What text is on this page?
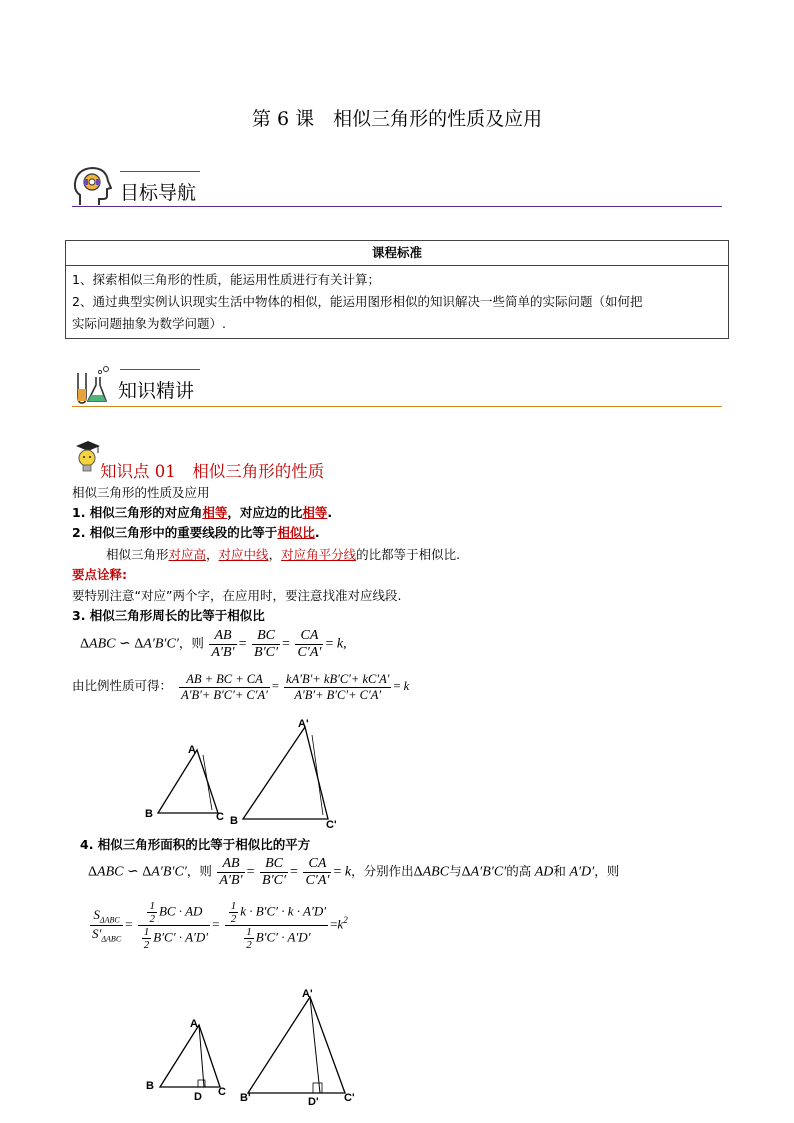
第 6 课　相似三角形的性质及应用
目标导航
课程标准

1、探索相似三角形的性质，能运用性质进行有关计算；
2、通过典型实例认识现实生活中物体的相似，能运用图形相似的知识解决一些简单的实际问题（如何把
实际问题抽象为数学问题）.
知识精讲
知识点 01　相似三角形的性质
相似三角形的性质及应用
1. 相似三角形的对应角相等，对应边的比相等.
2. 相似三角形中的重要线段的比等于相似比.
相似三角形对应高，对应中线，对应角平分线的比都等于相似比.
要点诠释:
要特别注意“对应”两个字，在应用时，要注意找准对应线段.
3. 相似三角形周长的比等于相似比
ΔABC ∽ ΔA′B′C′，则 $\frac{AB}{A'B'} = \frac{BC}{B'C'} = \frac{CA}{C'A'} = k$,
由比例性质可得： $\frac{AB + BC + CA}{A'B'+ B'C'+ C'A'} = \frac{kA'B'+ kB'C'+ kC'A'}{A'B'+ B'C'+ C'A'} = k$
A
B	C
A'
B	C'
4. 相似三角形面积的比等于相似比的平方
ΔABC ∽ ΔA′B′C′，则 $\frac{AB}{A'B'} = \frac{BC}{B'C'} = \frac{CA}{C'A'} = k$，分别作出ΔABC与ΔA′B′C′的高 AD和 A′D′，则
$\frac{S_{\Delta ABC}}{S'_{\Delta ABC}} = \frac{\frac{1}{2} BC \cdot AD}{\frac{1}{2} B'C' \cdot A'D'} = \frac{\frac{1}{2} k \cdot B'C' \cdot k \cdot A'D'}{\frac{1}{2} B'C' \cdot A'D'} =k^2$
A
B	C
D
A'
B'	C'
D'
